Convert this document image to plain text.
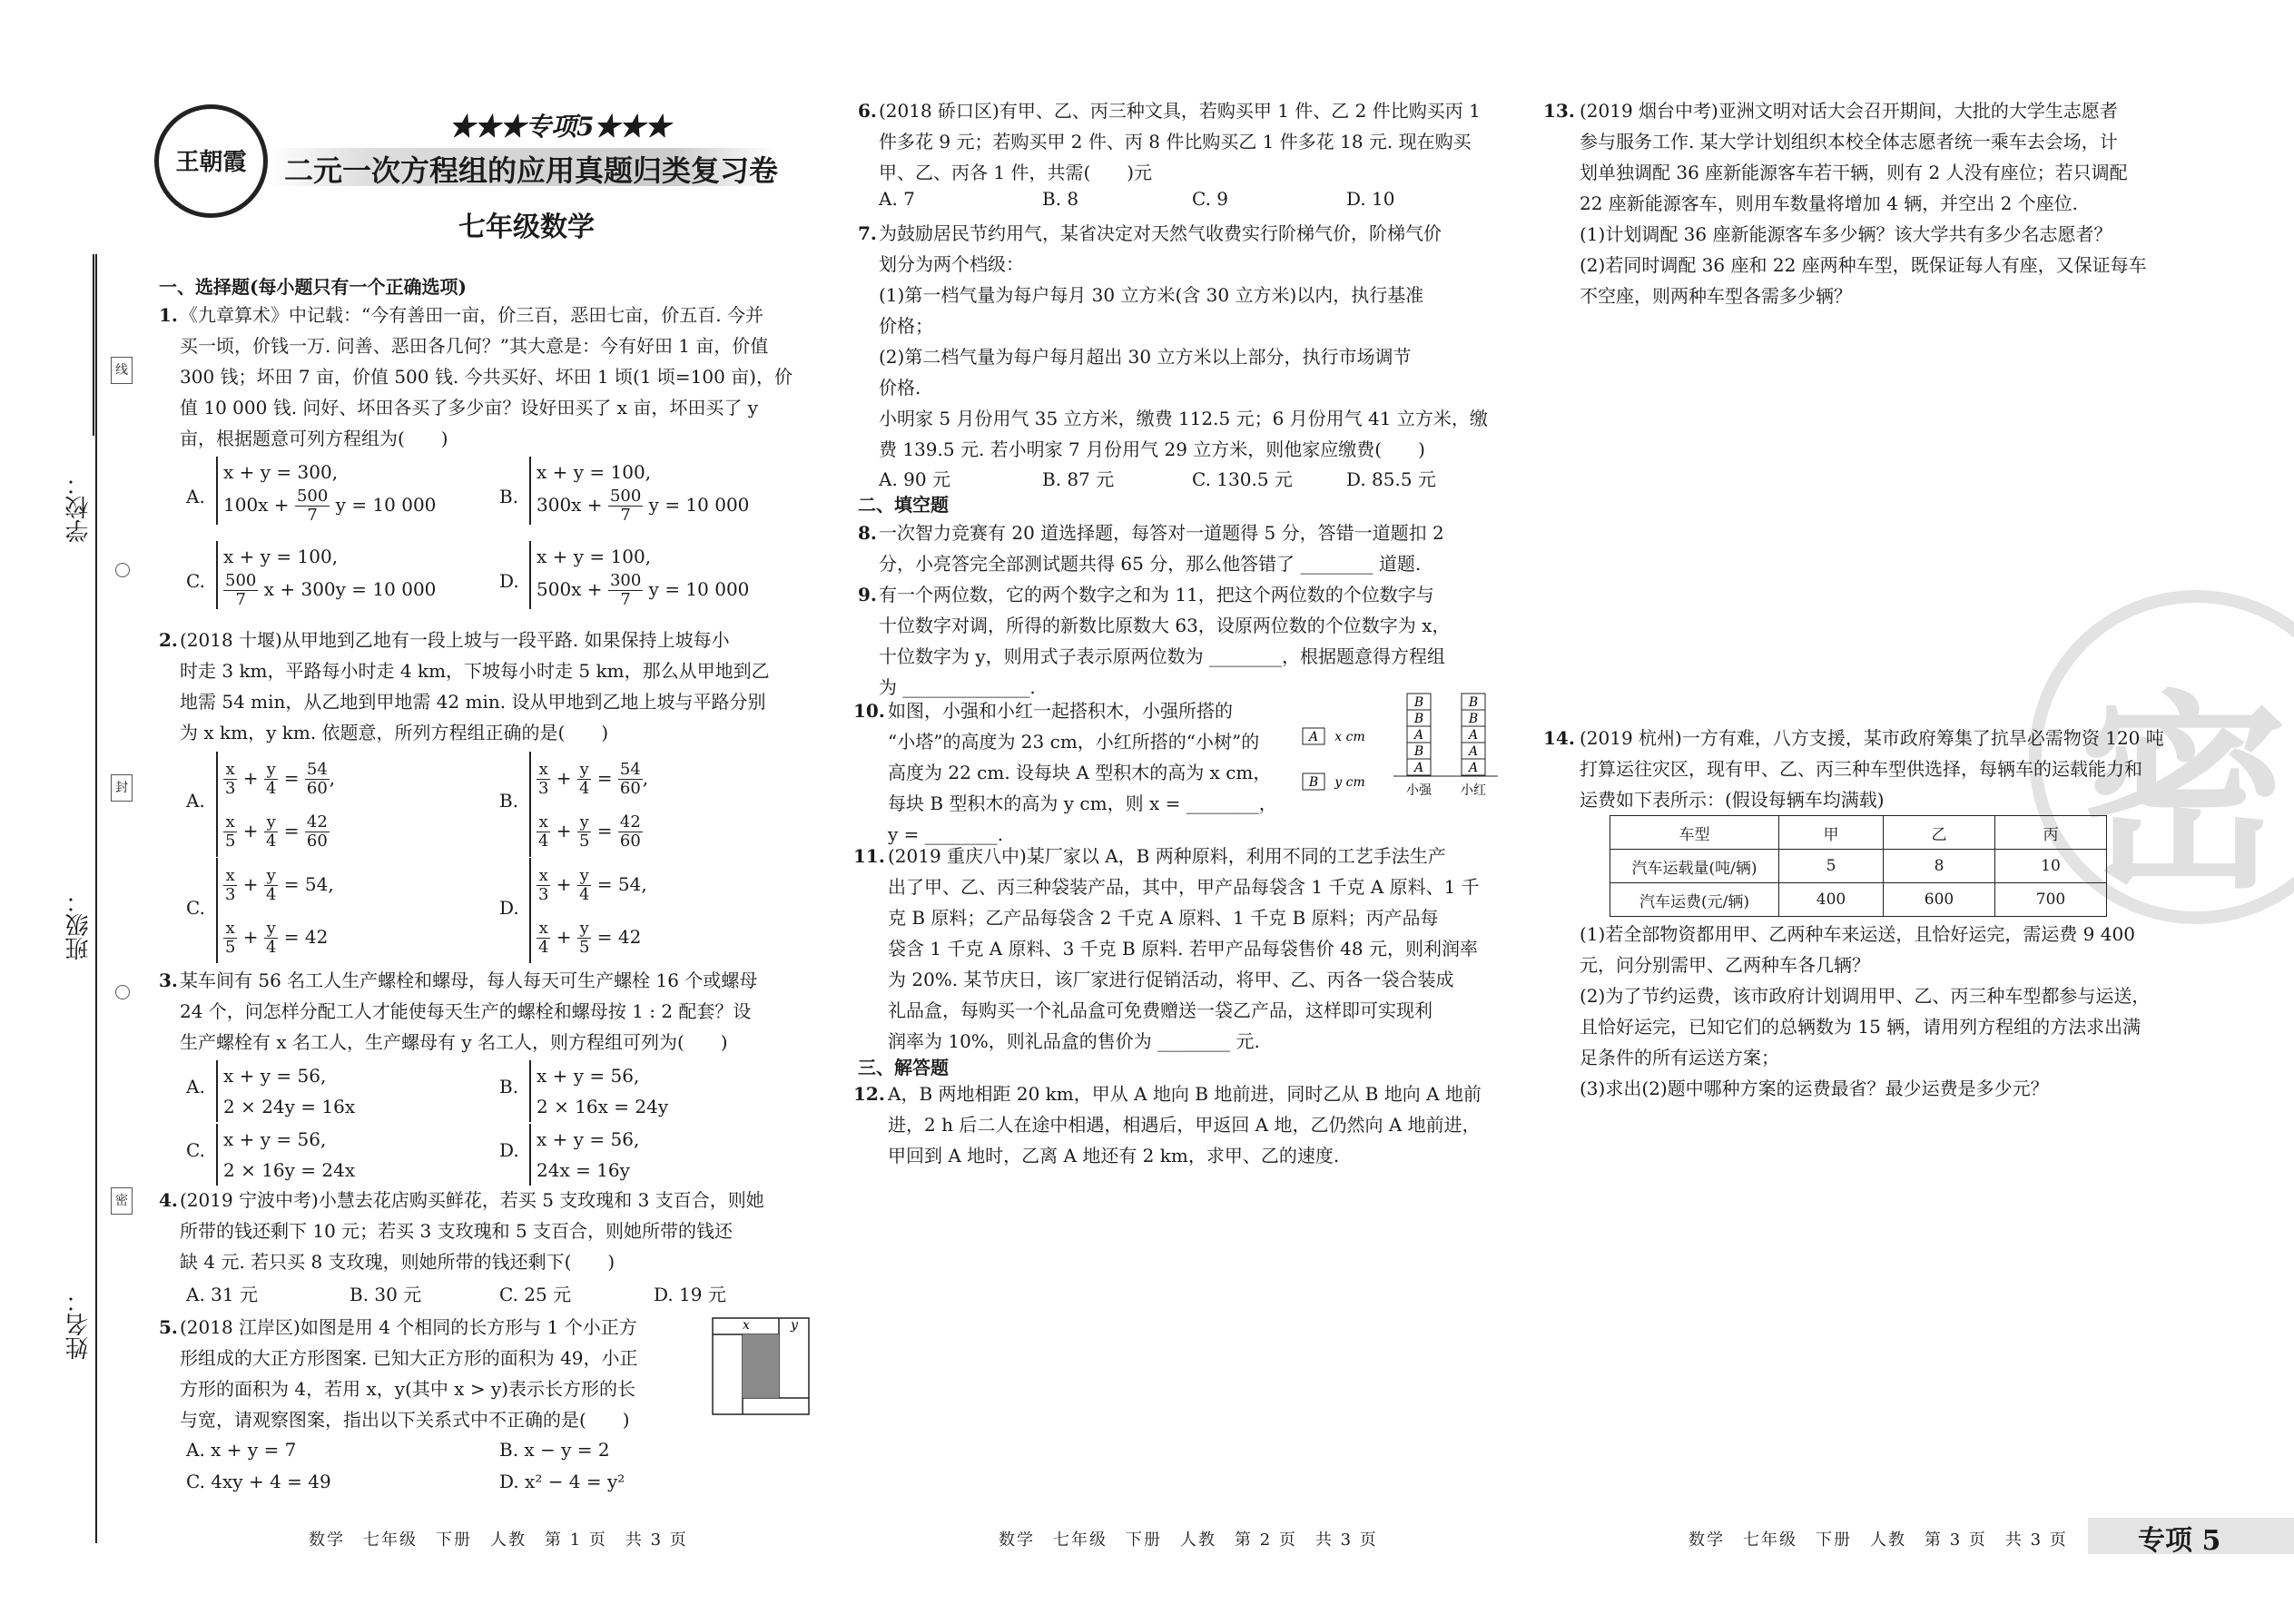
学校：
班级：
姓名：
线
封
密
密
王朝霞
★★★专项5★★★
二元一次方程组的应用真题归类复习卷
七年级数学
一、选择题(每小题只有一个正确选项)
1. 《九章算术》中记载：“今有善田一亩，价三百，恶田七亩，价五百. 今并
买一顷，价钱一万. 问善、恶田各几何？”其大意是：今有好田 1 亩，价值
300 钱；坏田 7 亩，价值 500 钱. 今共买好、坏田 1 顷(1 顷=100 亩)，价
值 10 000 钱. 问好、坏田各买了多少亩？设好田买了 x 亩，坏田买了 y
亩，根据题意可列方程组为(　　)
A.
x + y = 300,
$100x + \frac{500}{7}$ y = 10 000	B.
x + y = 100,
$300x + \frac{500}{7}$ y = 10 000
C.
x + y = 100,
$\frac{500}{7}$ x + 300y = 10 000	D.
x + y = 100,
$500x + \frac{300}{7}$ y = 10 000
2. (2018 十堰)从甲地到乙地有一段上坡与一段平路. 如果保持上坡每小
时走 3 km，平路每小时走 4 km，下坡每小时走 5 km，那么从甲地到乙
地需 54 min，从乙地到甲地需 42 min. 设从甲地到乙地上坡与平路分别
为 x km，y km. 依题意，所列方程组正确的是(　　)
A.
$\frac{x}{3} + \frac{y}{4} = \frac{54}{60}$ ,
$\frac{x}{5} + \frac{y}{4} = \frac{42}{60}$
B.
$\frac{x}{3} + \frac{y}{4} = \frac{54}{60}$ ,
$\frac{x}{4} + \frac{y}{5} = \frac{42}{60}$
C.
$\frac{x}{3} + \frac{y}{4} = 54$,
$\frac{x}{5} + \frac{y}{4} = 42$
D.
$\frac{x}{3} + \frac{y}{4} = 54$,
$\frac{x}{4} + \frac{y}{5} = 42$
3. 某车间有 56 名工人生产螺栓和螺母，每人每天可生产螺栓 16 个或螺母
24 个，问怎样分配工人才能使每天生产的螺栓和螺母按 1 : 2 配套？设
生产螺栓有 x 名工人，生产螺母有 y 名工人，则方程组可列为(　　)
A. x + y = 56,
2 × 24y = 16x
B. x + y = 56,
2 × 16x = 24y
C. x + y = 56,
2 × 16y = 24x
D. x + y = 56,
24x = 16y
4. (2019 宁波中考)小慧去花店购买鲜花，若买 5 支玫瑰和 3 支百合，则她
所带的钱还剩下 10 元；若买 3 支玫瑰和 5 支百合，则她所带的钱还
缺 4 元. 若只买 8 支玫瑰，则她所带的钱还剩下(　　)
A. 31 元	B. 30 元	C. 25 元	D. 19 元
5. (2018 江岸区)如图是用 4 个相同的长方形与 1 个小正方
形组成的大正方形图案. 已知大正方形的面积为 49，小正
方形的面积为 4，若用 x，y(其中 x > y)表示长方形的长
与宽，请观察图案，指出以下关系式中不正确的是(　　)
x	y
A. x + y = 7	B. x − y = 2
C. 4xy + 4 = 49	D. x² − 4 = y²
数学　七年级　下册　人教　第 1 页　共 3 页
6. (2018 硚口区)有甲、乙、丙三种文具，若购买甲 1 件、乙 2 件比购买丙 1
件多花 9 元；若购买甲 2 件、丙 8 件比购买乙 1 件多花 18 元. 现在购买
甲、乙、丙各 1 件，共需(　　)元
A. 7	B. 8	C. 9	D. 10
7. 为鼓励居民节约用气，某省决定对天然气收费实行阶梯气价，阶梯气价
划分为两个档级：
(1)第一档气量为每户每月 30 立方米(含 30 立方米)以内，执行基准
价格；
(2)第二档气量为每户每月超出 30 立方米以上部分，执行市场调节
价格.
小明家 5 月份用气 35 立方米，缴费 112.5 元；6 月份用气 41 立方米，缴
费 139.5 元. 若小明家 7 月份用气 29 立方米，则他家应缴费(　　)
A. 90 元	B. 87 元	C. 130.5 元	D. 85.5 元
二、填空题
8. 一次智力竞赛有 20 道选择题，每答对一道题得 5 分，答错一道题扣 2
分，小亮答完全部测试题共得 65 分，那么他答错了 ________ 道题.
9. 有一个两位数，它的两个数字之和为 11，把这个两位数的个位数字与
十位数字对调，所得的新数比原数大 63，设原两位数的个位数字为 x，
十位数字为 y，则用式子表示原两位数为 ________，根据题意得方程组
为 ______________.
10. 如图，小强和小红一起搭积木，小强所搭的
“小塔”的高度为 23 cm，小红所搭的“小树”的
高度为 22 cm. 设每块 A 型积木的高为 x cm，
每块 B 型积木的高为 y cm，则 x = ________，
y = ________.
A x cm
B y cm
B
B
A
B
A
B
B
A
A
A
小强 小红
11. (2019 重庆八中)某厂家以 A，B 两种原料，利用不同的工艺手法生产
出了甲、乙、丙三种袋装产品，其中，甲产品每袋含 1 千克 A 原料、1 千
克 B 原料；乙产品每袋含 2 千克 A 原料、1 千克 B 原料；丙产品每
袋含 1 千克 A 原料、3 千克 B 原料. 若甲产品每袋售价 48 元，则利润率
为 20%. 某节庆日，该厂家进行促销活动，将甲、乙、丙各一袋合装成
礼品盒，每购买一个礼品盒可免费赠送一袋乙产品，这样即可实现利
润率为 10%，则礼品盒的售价为 ________ 元.
三、解答题
12. A，B 两地相距 20 km，甲从 A 地向 B 地前进，同时乙从 B 地向 A 地前
进，2 h 后二人在途中相遇，相遇后，甲返回 A 地，乙仍然向 A 地前进，
甲回到 A 地时，乙离 A 地还有 2 km，求甲、乙的速度.
数学　七年级　下册　人教　第 2 页　共 3 页
13. (2019 烟台中考)亚洲文明对话大会召开期间，大批的大学生志愿者
参与服务工作. 某大学计划组织本校全体志愿者统一乘车去会场，计
划单独调配 36 座新能源客车若干辆，则有 2 人没有座位；若只调配
22 座新能源客车，则用车数量将增加 4 辆，并空出 2 个座位.
(1)计划调配 36 座新能源客车多少辆？该大学共有多少名志愿者？
(2)若同时调配 36 座和 22 座两种车型，既保证每人有座，又保证每车
不空座，则两种车型各需多少辆？
14. (2019 杭州)一方有难，八方支援，某市政府筹集了抗旱必需物资 120 吨
打算运往灾区，现有甲、乙、丙三种车型供选择，每辆车的运载能力和
运费如下表所示：(假设每辆车均满载)
车型	甲	乙	丙
汽车运载量(吨/辆)	5	8	10
汽车运费(元/辆)	400	600	700
(1)若全部物资都用甲、乙两种车来运送，且恰好运完，需运费 9 400
元，问分别需甲、乙两种车各几辆？
(2)为了节约运费，该市政府计划调用甲、乙、丙三种车型都参与运送，
且恰好运完，已知它们的总辆数为 15 辆，请用列方程组的方法求出满
足条件的所有运送方案；
(3)求出(2)题中哪种方案的运费最省？最少运费是多少元？
数学　七年级　下册　人教　第 3 页　共 3 页	专项 5
